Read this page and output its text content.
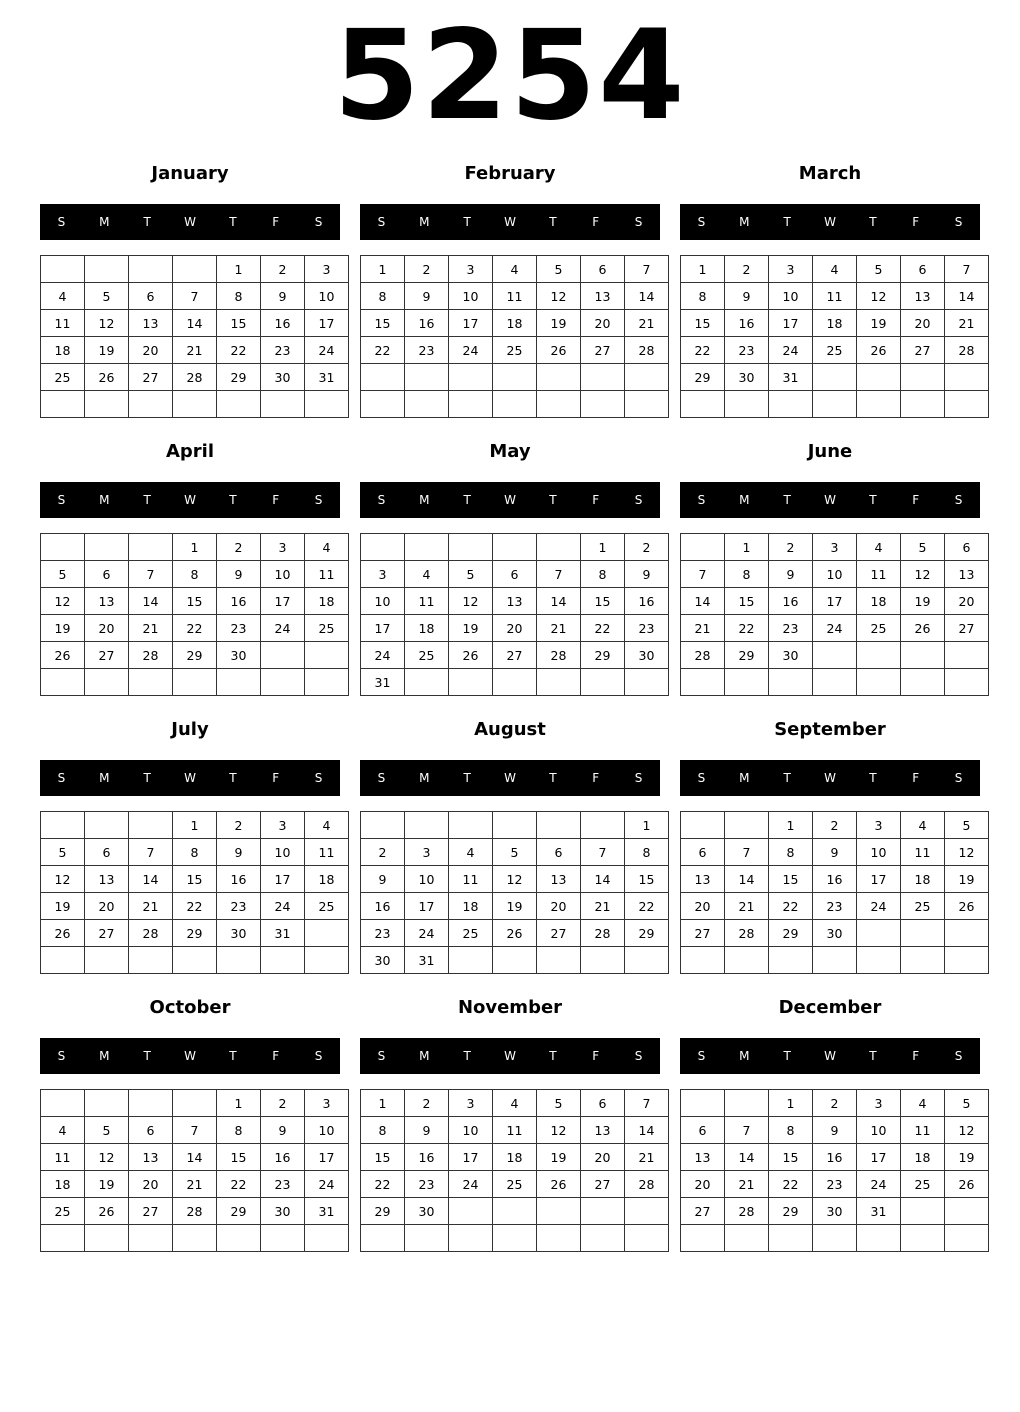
5254
January
S	M	T	W	T	F	S
				1	2	3
4	5	6	7	8	9	10
11	12	13	14	15	16	17
18	19	20	21	22	23	24
25	26	27	28	29	30	31

February
S	M	T	W	T	F	S
1	2	3	4	5	6	7
8	9	10	11	12	13	14
15	16	17	18	19	20	21
22	23	24	25	26	27	28

March
S	M	T	W	T	F	S
1	2	3	4	5	6	7
8	9	10	11	12	13	14
15	16	17	18	19	20	21
22	23	24	25	26	27	28
29	30	31				

April
S	M	T	W	T	F	S
			1	2	3	4
5	6	7	8	9	10	11
12	13	14	15	16	17	18
19	20	21	22	23	24	25
26	27	28	29	30		

May
S	M	T	W	T	F	S
					1	2
3	4	5	6	7	8	9
10	11	12	13	14	15	16
17	18	19	20	21	22	23
24	25	26	27	28	29	30
31						
June
S	M	T	W	T	F	S
	1	2	3	4	5	6
7	8	9	10	11	12	13
14	15	16	17	18	19	20
21	22	23	24	25	26	27
28	29	30				

July
S	M	T	W	T	F	S
			1	2	3	4
5	6	7	8	9	10	11
12	13	14	15	16	17	18
19	20	21	22	23	24	25
26	27	28	29	30	31	

August
S	M	T	W	T	F	S
						1
2	3	4	5	6	7	8
9	10	11	12	13	14	15
16	17	18	19	20	21	22
23	24	25	26	27	28	29
30	31					
September
S	M	T	W	T	F	S
		1	2	3	4	5
6	7	8	9	10	11	12
13	14	15	16	17	18	19
20	21	22	23	24	25	26
27	28	29	30			

October
S	M	T	W	T	F	S
				1	2	3
4	5	6	7	8	9	10
11	12	13	14	15	16	17
18	19	20	21	22	23	24
25	26	27	28	29	30	31

November
S	M	T	W	T	F	S
1	2	3	4	5	6	7
8	9	10	11	12	13	14
15	16	17	18	19	20	21
22	23	24	25	26	27	28
29	30					

December
S	M	T	W	T	F	S
		1	2	3	4	5
6	7	8	9	10	11	12
13	14	15	16	17	18	19
20	21	22	23	24	25	26
27	28	29	30	31		
